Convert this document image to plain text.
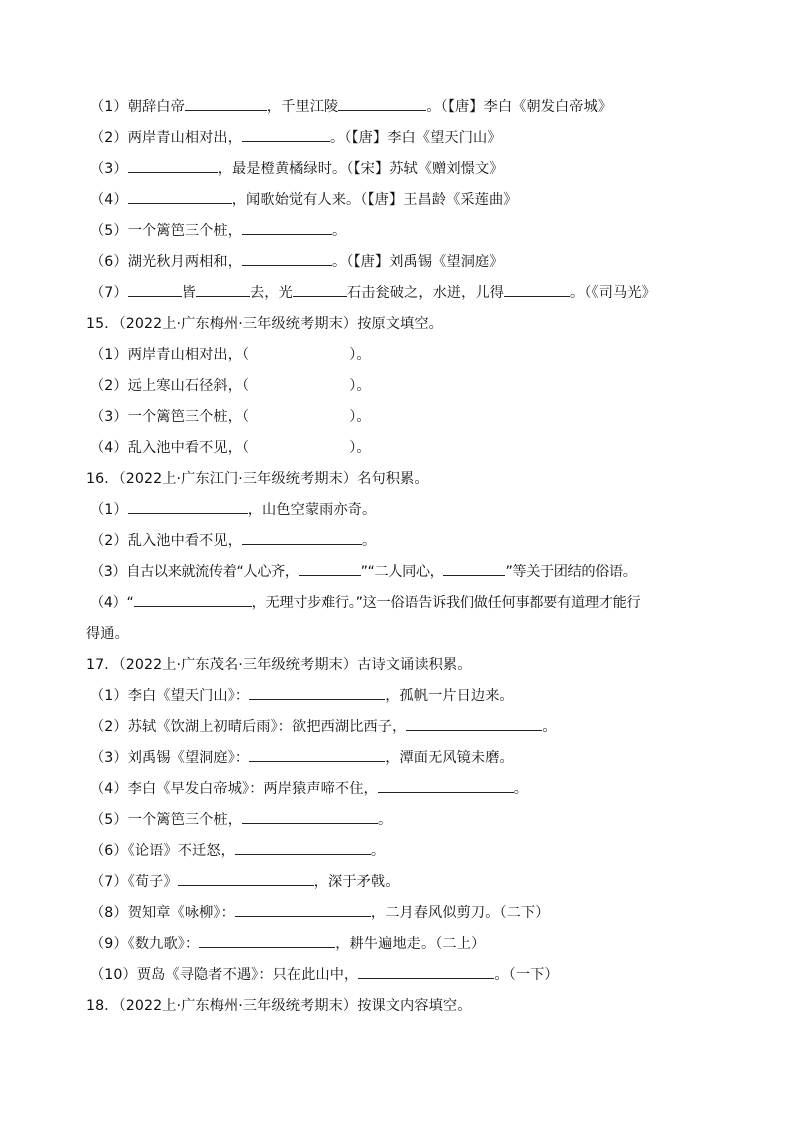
（1）朝辞白帝	，千里江陵	。（【唐】李白《朝发白帝城》
（2）两岸青山相对出，	。（【唐】李白《望天门山》
（3）	，最是橙黄橘绿时。（【宋】苏轼《赠刘憬文》
（4）	，闻歌始觉有人来。（【唐】王昌龄《采莲曲》
（5）一个篱笆三个桩，	。
（6）湖光秋月两相和，	。（【唐】刘禹锡《望洞庭》
（7）	皆	去，光	石击瓮破之，水迸，儿得	。（《司马光》
15．（2022上·广东梅州·三年级统考期末）按原文填空。
（1）两岸青山相对出，（	）。
（2）远上寒山石径斜，（	）。
（3）一个篱笆三个桩，（	）。
（4）乱入池中看不见，（	）。
16．（2022上·广东江门·三年级统考期末）名句积累。
（1）	，山色空蒙雨亦奇。
（2）乱入池中看不见，	。
（3）自古以来就流传着“人心齐，	”“二人同心，	”等关于团结的俗语。
（4）“	，无理寸步难行。”这一俗语告诉我们做任何事都要有道理才能行
得通。
17．（2022上·广东茂名·三年级统考期末）古诗文诵读积累。
（1）李白《望天门山》：	，孤帆一片日边来。
（2）苏轼《饮湖上初晴后雨》：欲把西湖比西子，	。
（3）刘禹锡《望洞庭》：	，潭面无风镜未磨。
（4）李白《早发白帝城》：两岸猿声啼不住，	。
（5）一个篱笆三个桩，	。
（6）《论语》不迁怒，	。
（7）《荀子》	，深于矛戟。
（8）贺知章《咏柳》：	，二月春风似剪刀。（二下）
（9）《数九歌》：	，耕牛遍地走。（二上）
（10）贾岛《寻隐者不遇》：只在此山中，	。（一下）
18．（2022上·广东梅州·三年级统考期末）按课文内容填空。
